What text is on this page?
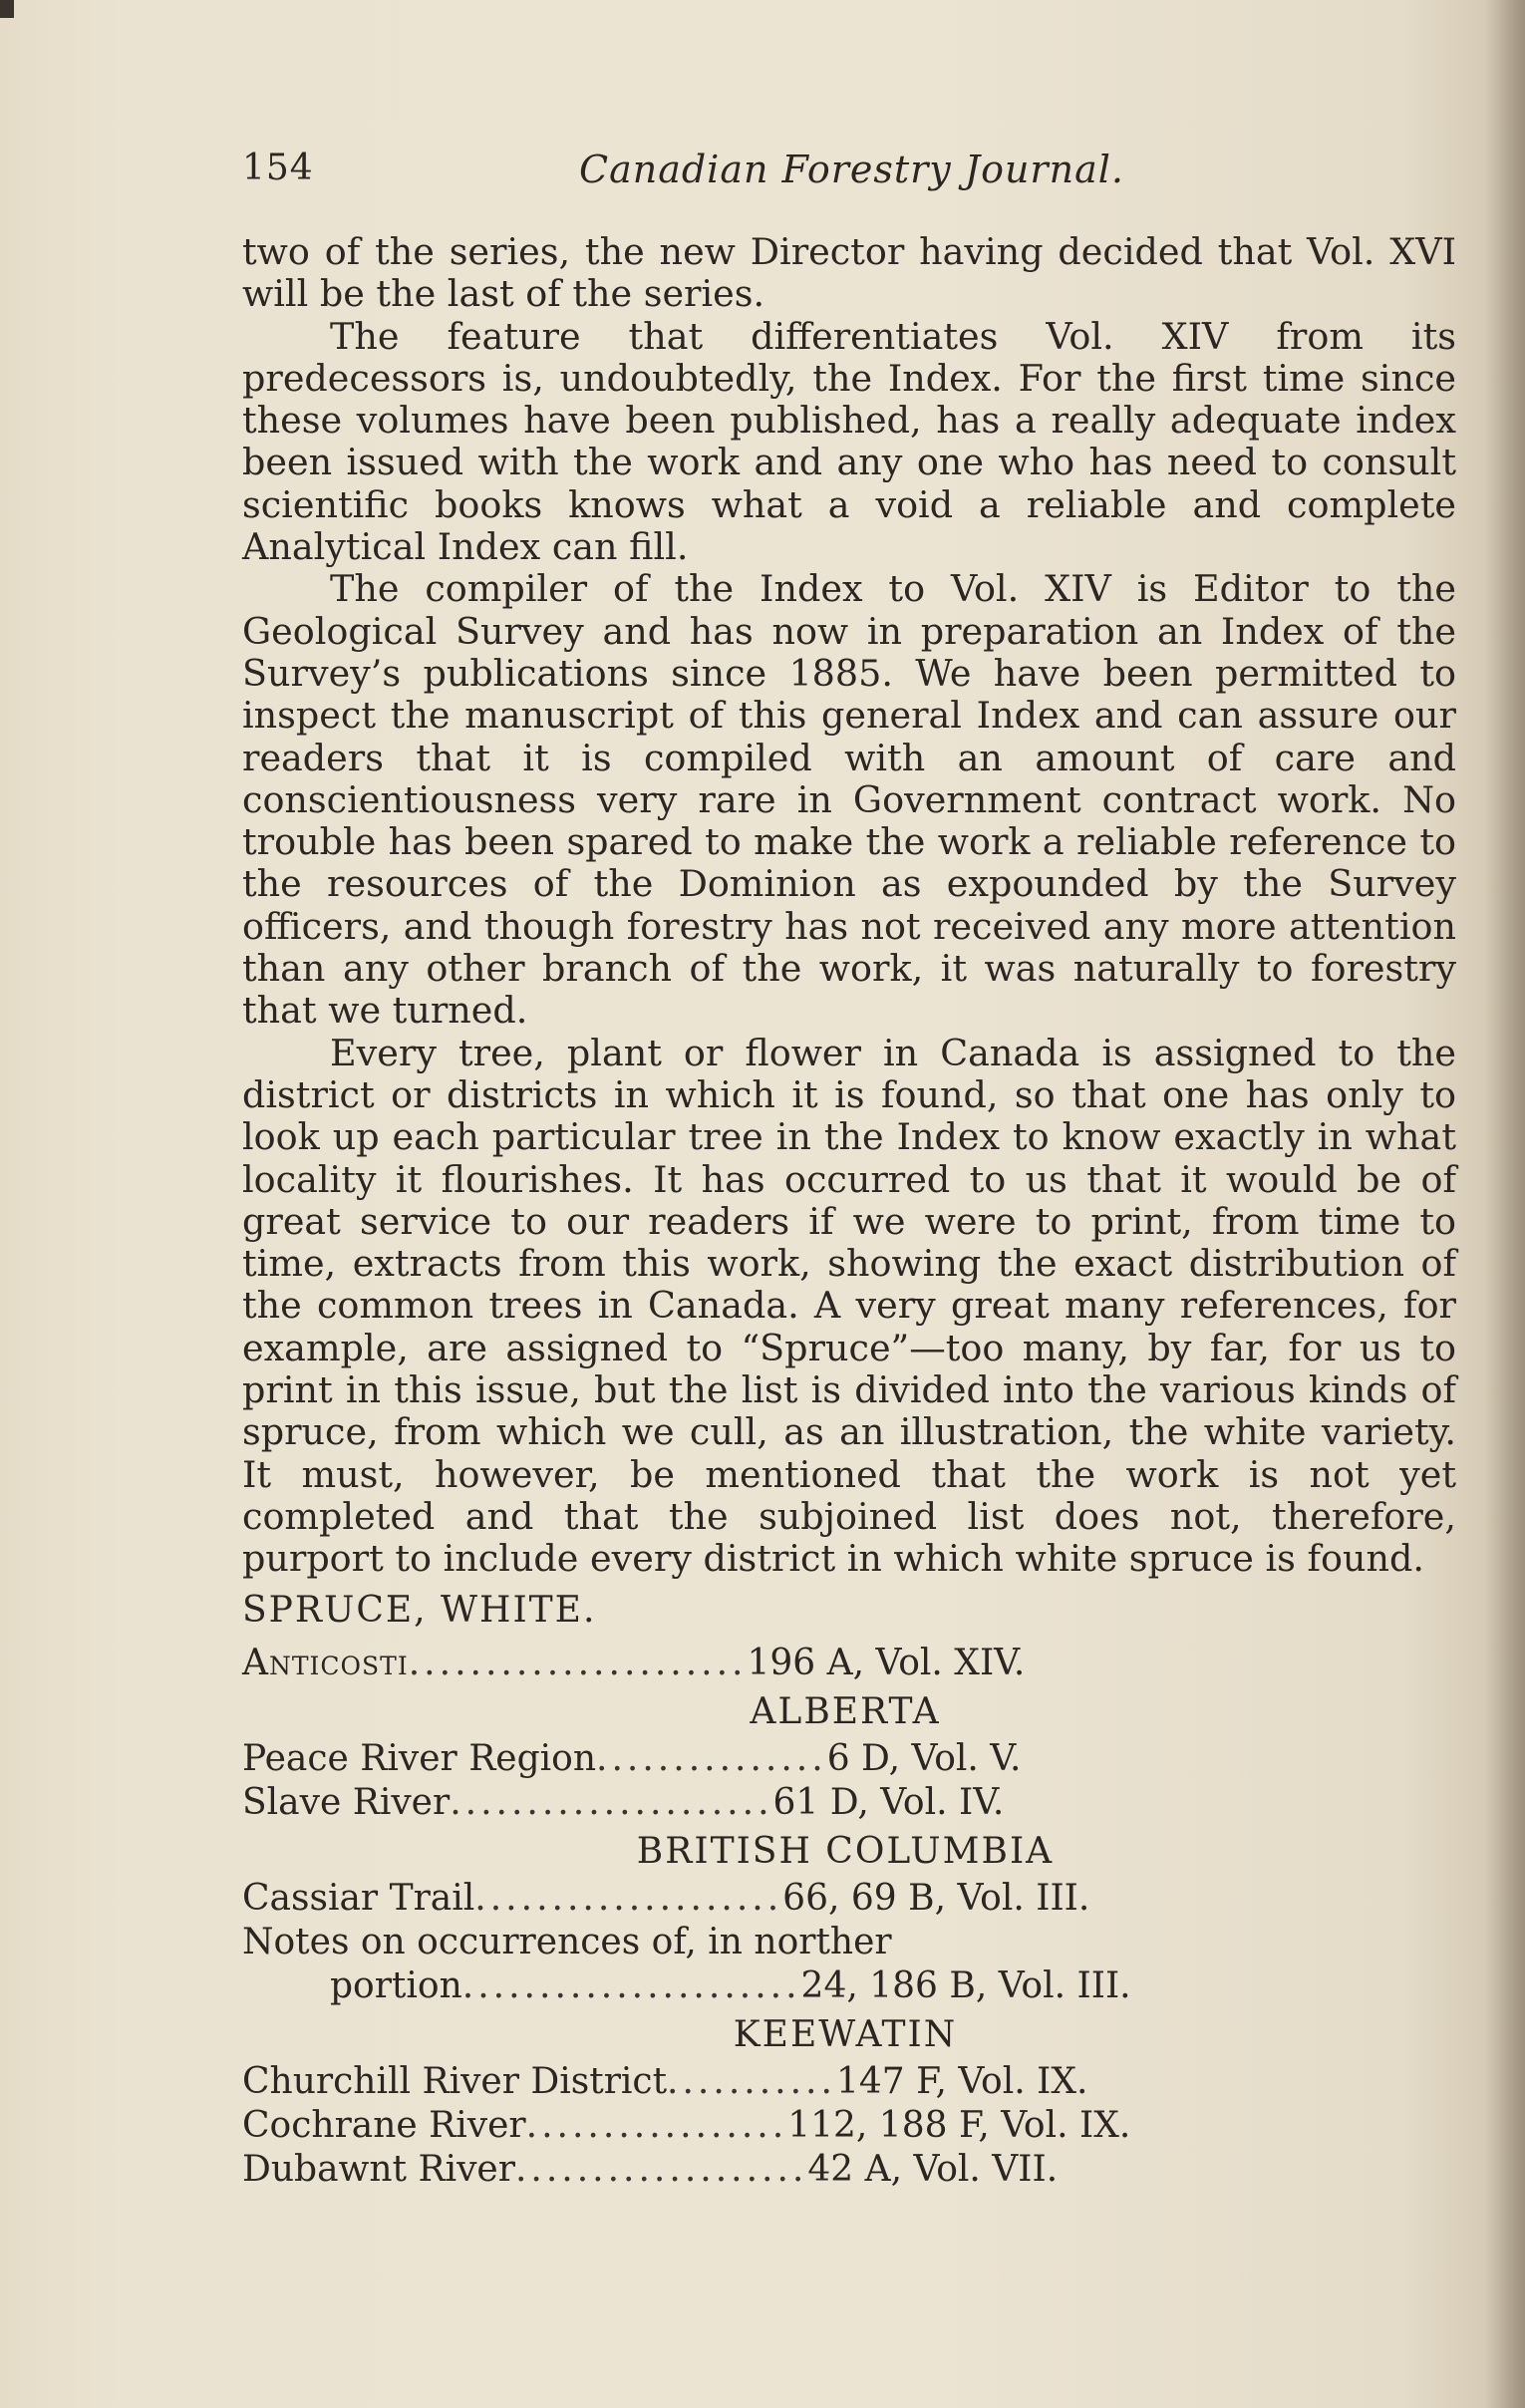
154	Canadian Forestry Journal.

two of the series, the new Director having decided that Vol. XVI will be the last of the series.

The feature that differentiates Vol. XIV from its predecessors is, undoubtedly, the Index. For the first time since these volumes have been published, has a really adequate index been issued with the work and any one who has need to consult scientific books knows what a void a reliable and complete Analytical Index can fill.

The compiler of the Index to Vol. XIV is Editor to the Geological Survey and has now in preparation an Index of the Survey’s publications since 1885. We have been permitted to inspect the manuscript of this general Index and can assure our readers that it is compiled with an amount of care and conscientiousness very rare in Government contract work. No trouble has been spared to make the work a reliable reference to the resources of the Dominion as expounded by the Survey officers, and though forestry has not received any more attention than any other branch of the work, it was naturally to forestry that we turned.

Every tree, plant or flower in Canada is assigned to the district or districts in which it is found, so that one has only to look up each particular tree in the Index to know exactly in what locality it flourishes. It has occurred to us that it would be of great service to our readers if we were to print, from time to time, extracts from this work, showing the exact distribution of the common trees in Canada. A very great many references, for example, are assigned to “Spruce”—too many, by far, for us to print in this issue, but the list is divided into the various kinds of spruce, from which we cull, as an illustration, the white variety. It must, however, be mentioned that the work is not yet completed and that the subjoined list does not, therefore, purport to include every district in which white spruce is found.

SPRUCE, WHITE.
Anticosti ...................... 196 A, Vol. XIV.
ALBERTA
Peace River Region ............... 6 D, Vol. V.
Slave River ..................... 61 D, Vol. IV.
BRITISH COLUMBIA
Cassiar Trail .................... 66, 69 B, Vol. III.
Notes on occurrences of, in norther
portion ...................... 24, 186 B, Vol. III.
KEEWATIN
Churchill River District ........... 147 F, Vol. IX.
Cochrane River ................. 112, 188 F, Vol. IX.
Dubawnt River ................... 42 A, Vol. VII.
